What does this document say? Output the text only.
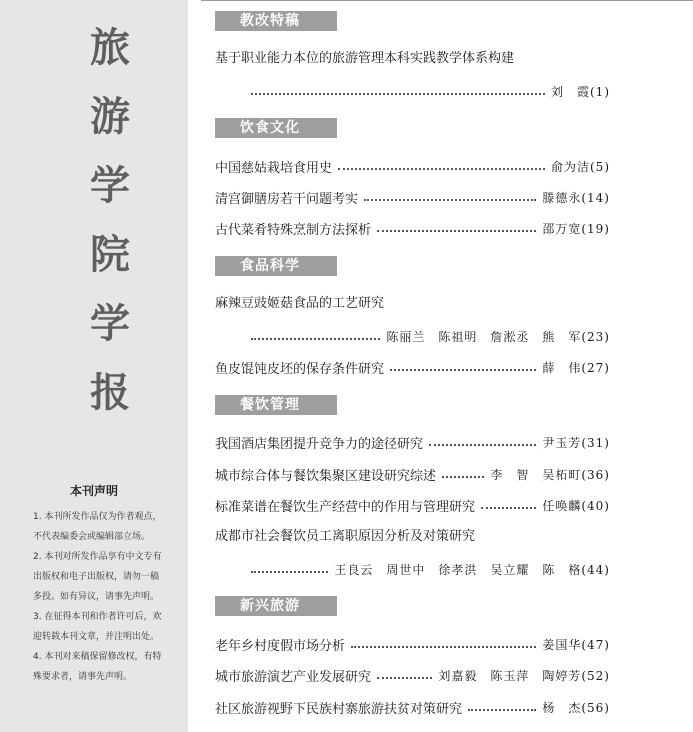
旅
游
学
院
学
报
本刊声明
1. 本刊所发作品仅为作者观点，
不代表编委会或编辑部立场。
2. 本刊对所发作品享有中文专有
出版权和电子出版权，请勿一稿
多投。如有异议，请事先声明。
3. 在征得本刊和作者许可后，欢
迎转载本刊文章，并注明出处。
4. 本刊对来稿保留修改权，有特
殊要求者，请事先声明。
教改特稿
基于职业能力本位的旅游管理本科实践教学体系构建
刘　霞(1)
饮食文化
中国慈姑栽培食用史	俞为洁(5)
清宫御膳房若干问题考实	滕德永(14)
古代菜肴特殊烹制方法探析	邵万宽(19)
食品科学
麻辣豆豉姬菇食品的工艺研究
陈丽兰　陈祖明　詹淞丞　熊　军(23)
鱼皮馄饨皮坯的保存条件研究	薛　伟(27)
餐饮管理
我国酒店集团提升竞争力的途径研究	尹玉芳(31)
城市综合体与餐饮集聚区建设研究综述	李　智　吴柘町(36)
标准菜谱在餐饮生产经营中的作用与管理研究	任唤麟(40)
成都市社会餐饮员工离职原因分析及对策研究
王良云　周世中　徐孝洪　吴立耀　陈　格(44)
新兴旅游
老年乡村度假市场分析	姜国华(47)
城市旅游演艺产业发展研究	刘嘉毅　陈玉萍　陶婷芳(52)
社区旅游视野下民族村寨旅游扶贫对策研究	杨　杰(56)
